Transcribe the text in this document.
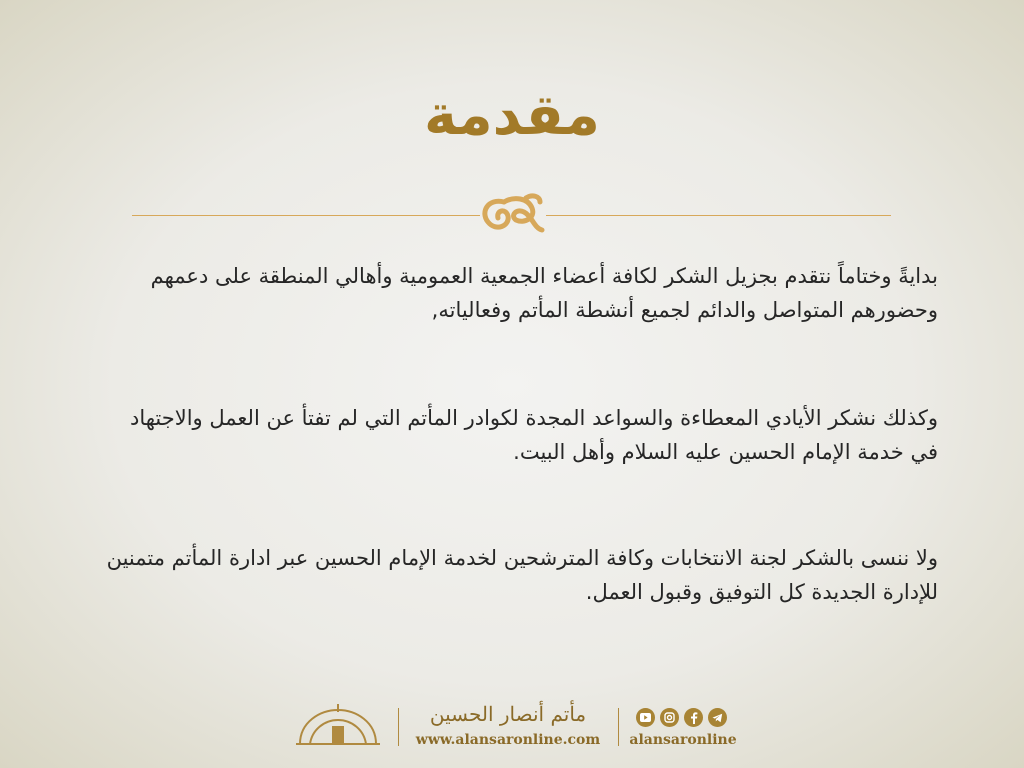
مقدمة

بدايةً وختاماً نتقدم بجزيل الشكر لكافة أعضاء الجمعية العمومية وأهالي المنطقة على دعمهم وحضورهم المتواصل والدائم لجميع أنشطة المأتم وفعالياته,

وكذلك نشكر الأيادي المعطاءة والسواعد المجدة لكوادر المأتم التي لم تفتأ عن العمل والاجتهاد في خدمة الإمام الحسين عليه السلام وأهل البيت.

ولا ننسى بالشكر لجنة الانتخابات وكافة المترشحين لخدمة الإمام الحسين عبر ادارة المأتم متمنين للإدارة الجديدة كل التوفيق وقبول العمل.

مأتم أنصار الحسين
www.alansaronline.com	alansaronline
